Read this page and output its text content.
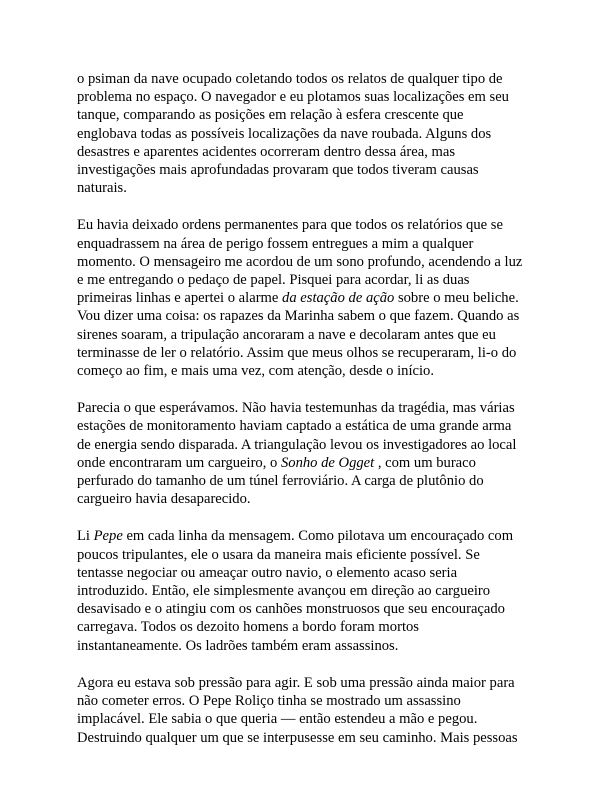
o psiman da nave ocupado coletando todos os relatos de qualquer tipo de
problema no espaço. O navegador e eu plotamos suas localizações em seu
tanque, comparando as posições em relação à esfera crescente que
englobava todas as possíveis localizações da nave roubada. Alguns dos
desastres e aparentes acidentes ocorreram dentro dessa área, mas
investigações mais aprofundadas provaram que todos tiveram causas
naturais.

Eu havia deixado ordens permanentes para que todos os relatórios que se
enquadrassem na área de perigo fossem entregues a mim a qualquer
momento. O mensageiro me acordou de um sono profundo, acendendo a luz
e me entregando o pedaço de papel. Pisquei para acordar, li as duas
primeiras linhas e apertei o alarme da estação de ação sobre o meu beliche.
Vou dizer uma coisa: os rapazes da Marinha sabem o que fazem. Quando as
sirenes soaram, a tripulação ancoraram a nave e decolaram antes que eu
terminasse de ler o relatório. Assim que meus olhos se recuperaram, li-o do
começo ao fim, e mais uma vez, com atenção, desde o início.

Parecia o que esperávamos. Não havia testemunhas da tragédia, mas várias
estações de monitoramento haviam captado a estática de uma grande arma
de energia sendo disparada. A triangulação levou os investigadores ao local
onde encontraram um cargueiro, o Sonho de Ogget , com um buraco
perfurado do tamanho de um túnel ferroviário. A carga de plutônio do
cargueiro havia desaparecido.

Li Pepe em cada linha da mensagem. Como pilotava um encouraçado com
poucos tripulantes, ele o usara da maneira mais eficiente possível. Se
tentasse negociar ou ameaçar outro navio, o elemento acaso seria
introduzido. Então, ele simplesmente avançou em direção ao cargueiro
desavisado e o atingiu com os canhões monstruosos que seu encouraçado
carregava. Todos os dezoito homens a bordo foram mortos
instantaneamente. Os ladrões também eram assassinos.

Agora eu estava sob pressão para agir. E sob uma pressão ainda maior para
não cometer erros. O Pepe Roliço tinha se mostrado um assassino
implacável. Ele sabia o que queria — então estendeu a mão e pegou.
Destruindo qualquer um que se interpusesse em seu caminho. Mais pessoas
